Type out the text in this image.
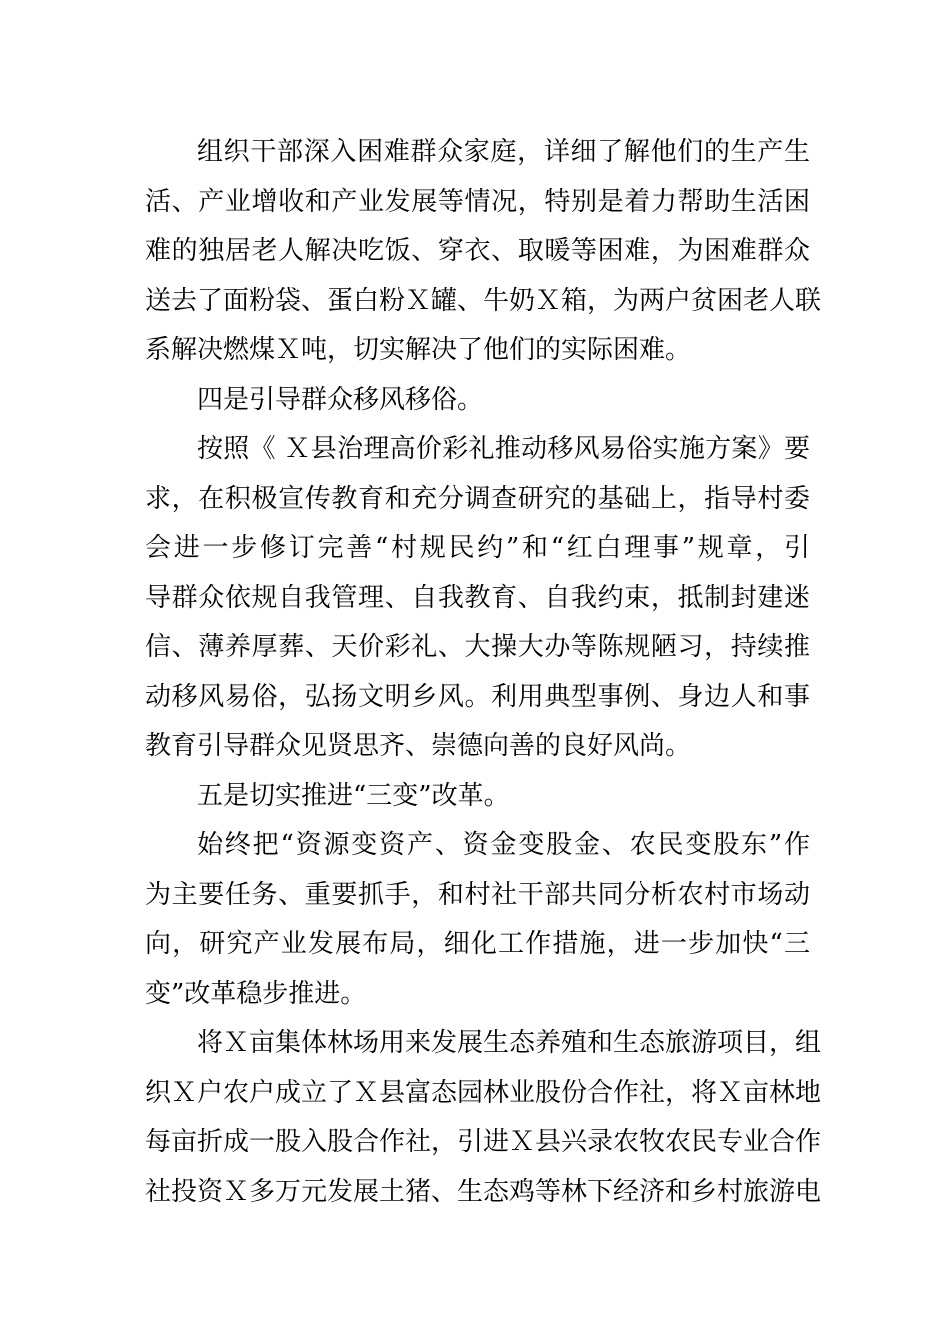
组织干部深入困难群众家庭，详细了解他们的生产生
活、产业增收和产业发展等情况，特别是着力帮助生活困
难的独居老人解决吃饭、穿衣、取暖等困难，为困难群众
送去了面粉袋、蛋白粉Ｘ罐、牛奶Ｘ箱，为两户贫困老人联
系解决燃煤Ｘ吨，切实解决了他们的实际困难。
四是引导群众移风移俗。
按照《 Ｘ县治理高价彩礼推动移风易俗实施方案》要
求，在积极宣传教育和充分调查研究的基础上，指导村委
会进一步修订完善“村规民约”和“红白理事”规章，引
导群众依规自我管理、自我教育、自我约束，抵制封建迷
信、薄养厚葬、天价彩礼、大操大办等陈规陋习，持续推
动移风易俗，弘扬文明乡风。利用典型事例、身边人和事
教育引导群众见贤思齐、崇德向善的良好风尚。
五是切实推进“三变”改革。
始终把“资源变资产、资金变股金、农民变股东”作
为主要任务、重要抓手，和村社干部共同分析农村市场动
向，研究产业发展布局，细化工作措施，进一步加快“三
变”改革稳步推进。
将Ｘ亩集体林场用来发展生态养殖和生态旅游项目，组
织Ｘ户农户成立了Ｘ县富态园林业股份合作社，将Ｘ亩林地
每亩折成一股入股合作社，引进Ｘ县兴录农牧农民专业合作
社投资Ｘ多万元发展土猪、生态鸡等林下经济和乡村旅游电
